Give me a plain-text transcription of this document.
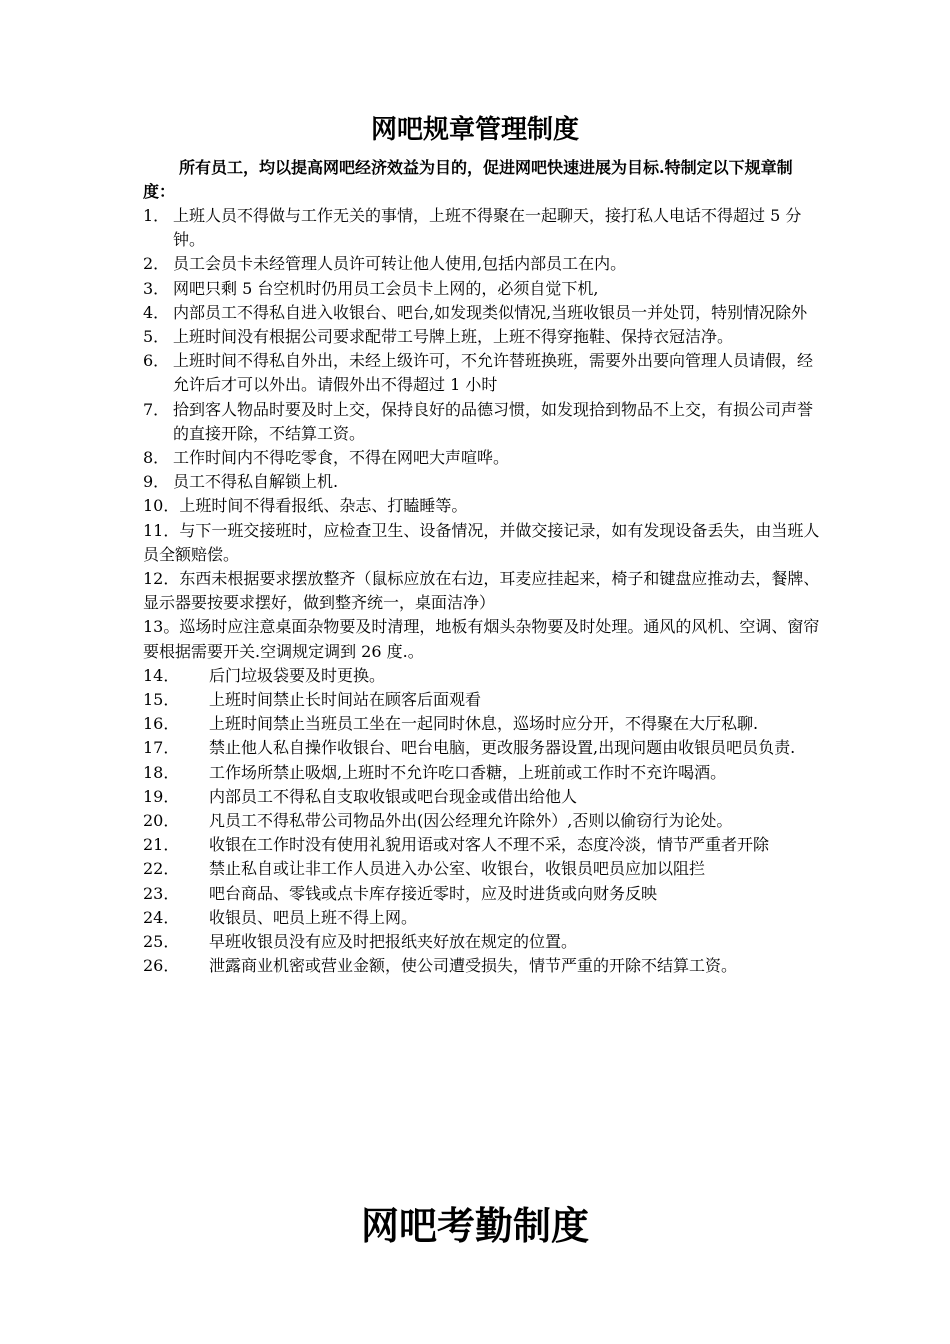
网吧规章管理制度

所有员工，均以提高网吧经济效益为目的，促进网吧快速进展为目标.特制定以下规章制度：

1． 上班人员不得做与工作无关的事情，上班不得聚在一起聊天，接打私人电话不得超过 5 分钟。
2． 员工会员卡未经管理人员许可转让他人使用,包括内部员工在内。
3． 网吧只剩 5 台空机时仍用员工会员卡上网的，必须自觉下机,
4． 内部员工不得私自进入收银台、吧台,如发现类似情况,当班收银员一并处罚，特别情况除外
5． 上班时间没有根据公司要求配带工号牌上班，上班不得穿拖鞋、保持衣冠洁净。
6． 上班时间不得私自外出，未经上级许可，不允许替班换班，需要外出要向管理人员请假，经允许后才可以外出。请假外出不得超过 1 小时
7． 拾到客人物品时要及时上交，保持良好的品德习惯，如发现拾到物品不上交，有损公司声誉的直接开除，不结算工资。
8． 工作时间内不得吃零食，不得在网吧大声喧哗。
9． 员工不得私自解锁上机.
10．上班时间不得看报纸、杂志、打瞌睡等。
11．与下一班交接班时，应检查卫生、设备情况，并做交接记录，如有发现设备丢失，由当班人员全额赔偿。
12．东西未根据要求摆放整齐（鼠标应放在右边，耳麦应挂起来，椅子和键盘应推动去，餐牌、显示器要按要求摆好，做到整齐统一，桌面洁净）
13。巡场时应注意桌面杂物要及时清理，地板有烟头杂物要及时处理。通风的风机、空调、窗帘要根据需要开关.空调规定调到 26 度.。
14． 后门垃圾袋要及时更换。
15． 上班时间禁止长时间站在顾客后面观看
16． 上班时间禁止当班员工坐在一起同时休息，巡场时应分开，不得聚在大厅私聊.
17． 禁止他人私自操作收银台、吧台电脑，更改服务器设置,出现问题由收银员吧员负责.
18． 工作场所禁止吸烟,上班时不允许吃口香糖，上班前或工作时不充许喝酒。
19． 内部员工不得私自支取收银或吧台现金或借出给他人
20． 凡员工不得私带公司物品外出(因公经理允许除外）,否则以偷窃行为论处。
21． 收银在工作时没有使用礼貌用语或对客人不理不采，态度冷淡，情节严重者开除
22． 禁止私自或让非工作人员进入办公室、收银台，收银员吧员应加以阻拦
23． 吧台商品、零钱或点卡库存接近零时，应及时进货或向财务反映
24． 收银员、吧员上班不得上网。
25． 早班收银员没有应及时把报纸夹好放在规定的位置。
26． 泄露商业机密或营业金额，使公司遭受损失，情节严重的开除不结算工资。
网吧考勤制度
